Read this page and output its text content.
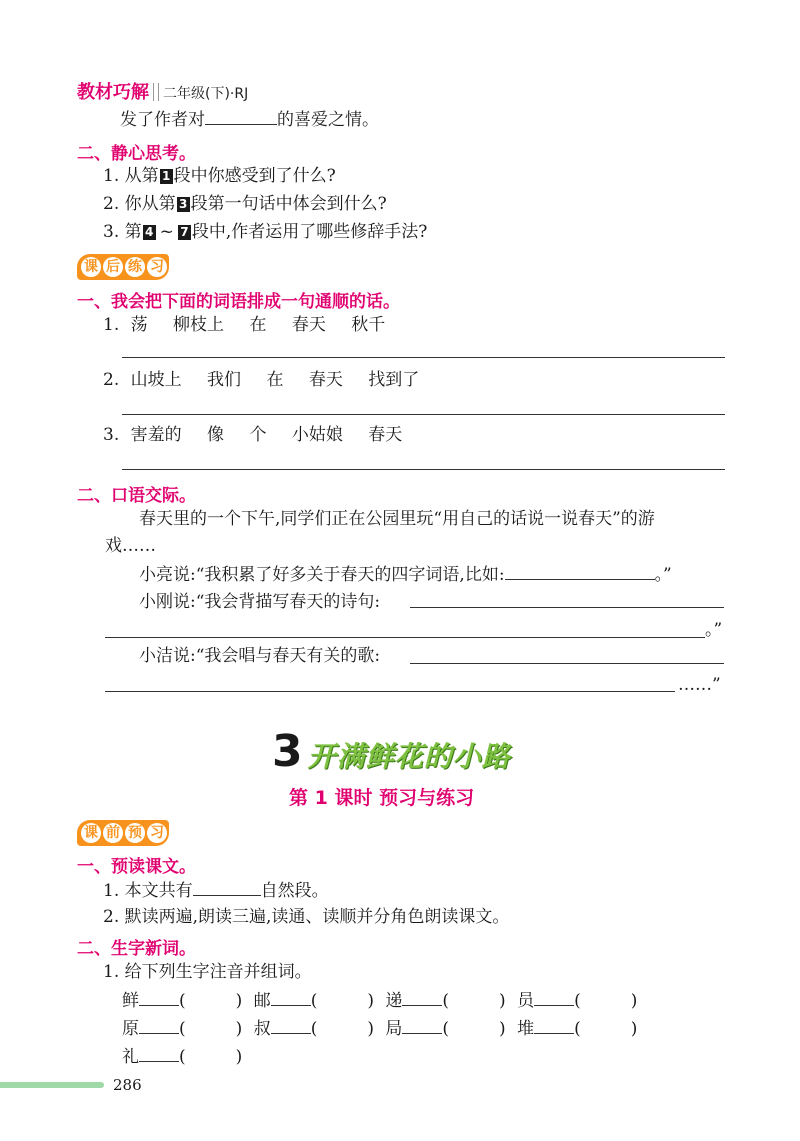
教材巧解 二年级(下)·RJ
发了作者对	的喜爱之情。
二、静心思考。
1. 从第 1 段中你感受到了什么?
2. 你从第 3 段第一句话中体会到什么?
3. 第 4 ~ 7 段中,作者运用了哪些修辞手法?
课 后 练 习
一、我会把下面的词语排成一句通顺的话。
1. 荡 柳枝上 在 春天 秋千
2. 山坡上 我们 在 春天 找到了
3. 害羞的 像 个 小姑娘 春天
二、口语交际。
春天里的一个下午,同学们正在公园里玩“用自己的话说一说春天”的游
戏……
小亮说:“我积累了好多关于春天的四字词语,比如:	。”
小刚说:“我会背描写春天的诗句:
。”
小洁说:“我会唱与春天有关的歌:
……”
3 开满鲜花的小路
第 1 课时 预习与练习
课 前 预 习
一、预读课文。
1. 本文共有	自然段。
2. 默读两遍,朗读三遍,读通、读顺并分角色朗读课文。
二、生字新词。
1. 给下列生字注音并组词。
鲜 (	) 邮 (	) 递 (	) 员 (	)
原 (	) 叔 (	) 局 (	) 堆 (	)
礼 (	)
286
